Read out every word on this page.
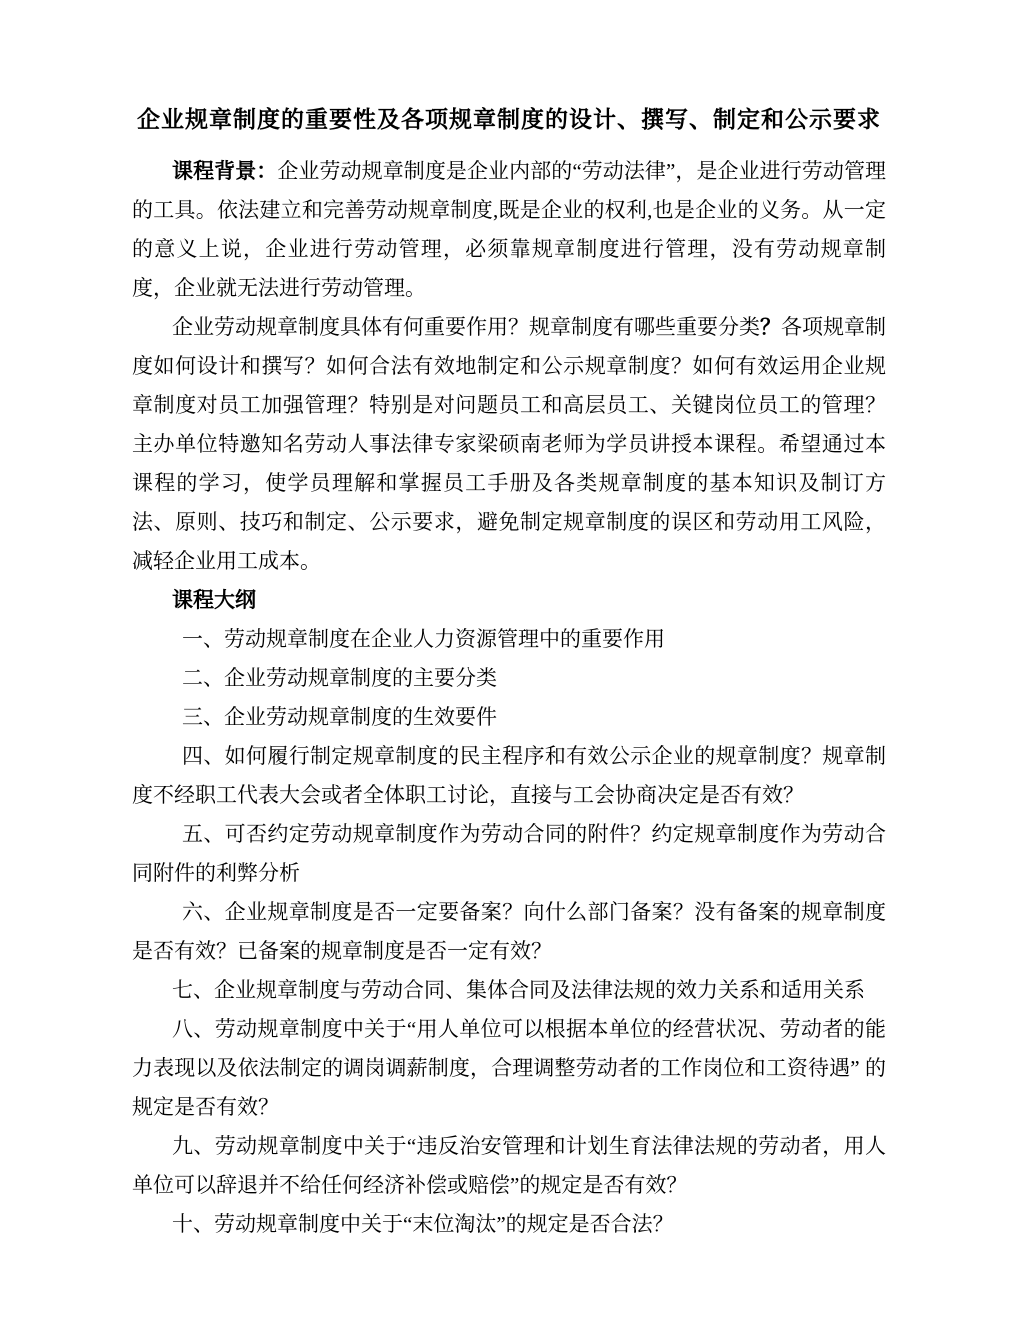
企业规章制度的重要性及各项规章制度的设计、撰写、制定和公示要求

课程背景：企业劳动规章制度是企业内部的“劳动法律”，是企业进行劳动管理的工具。依法建立和完善劳动规章制度,既是企业的权利,也是企业的义务。从一定的意义上说，企业进行劳动管理，必须靠规章制度进行管理，没有劳动规章制度，企业就无法进行劳动管理。

企业劳动规章制度具体有何重要作用？规章制度有哪些重要分类？各项规章制度如何设计和撰写？如何合法有效地制定和公示规章制度？如何有效运用企业规章制度对员工加强管理？特别是对问题员工和高层员工、关键岗位员工的管理？主办单位特邀知名劳动人事法律专家梁硕南老师为学员讲授本课程。希望通过本课程的学习，使学员理解和掌握员工手册及各类规章制度的基本知识及制订方法、原则、技巧和制定、公示要求，避免制定规章制度的误区和劳动用工风险，减轻企业用工成本。

课程大纲

一、劳动规章制度在企业人力资源管理中的重要作用

二、企业劳动规章制度的主要分类

三、企业劳动规章制度的生效要件

四、如何履行制定规章制度的民主程序和有效公示企业的规章制度？规章制度不经职工代表大会或者全体职工讨论，直接与工会协商决定是否有效？

五、可否约定劳动规章制度作为劳动合同的附件？约定规章制度作为劳动合同附件的利弊分析

六、企业规章制度是否一定要备案？向什么部门备案？没有备案的规章制度是否有效？已备案的规章制度是否一定有效？

七、企业规章制度与劳动合同、集体合同及法律法规的效力关系和适用关系

八、劳动规章制度中关于“用人单位可以根据本单位的经营状况、劳动者的能力表现以及依法制定的调岗调薪制度，合理调整劳动者的工作岗位和工资待遇” 的规定是否有效？

九、劳动规章制度中关于“违反治安管理和计划生育法律法规的劳动者，用人单位可以辞退并不给任何经济补偿或赔偿”的规定是否有效？

十、劳动规章制度中关于“末位淘汰”的规定是否合法？
